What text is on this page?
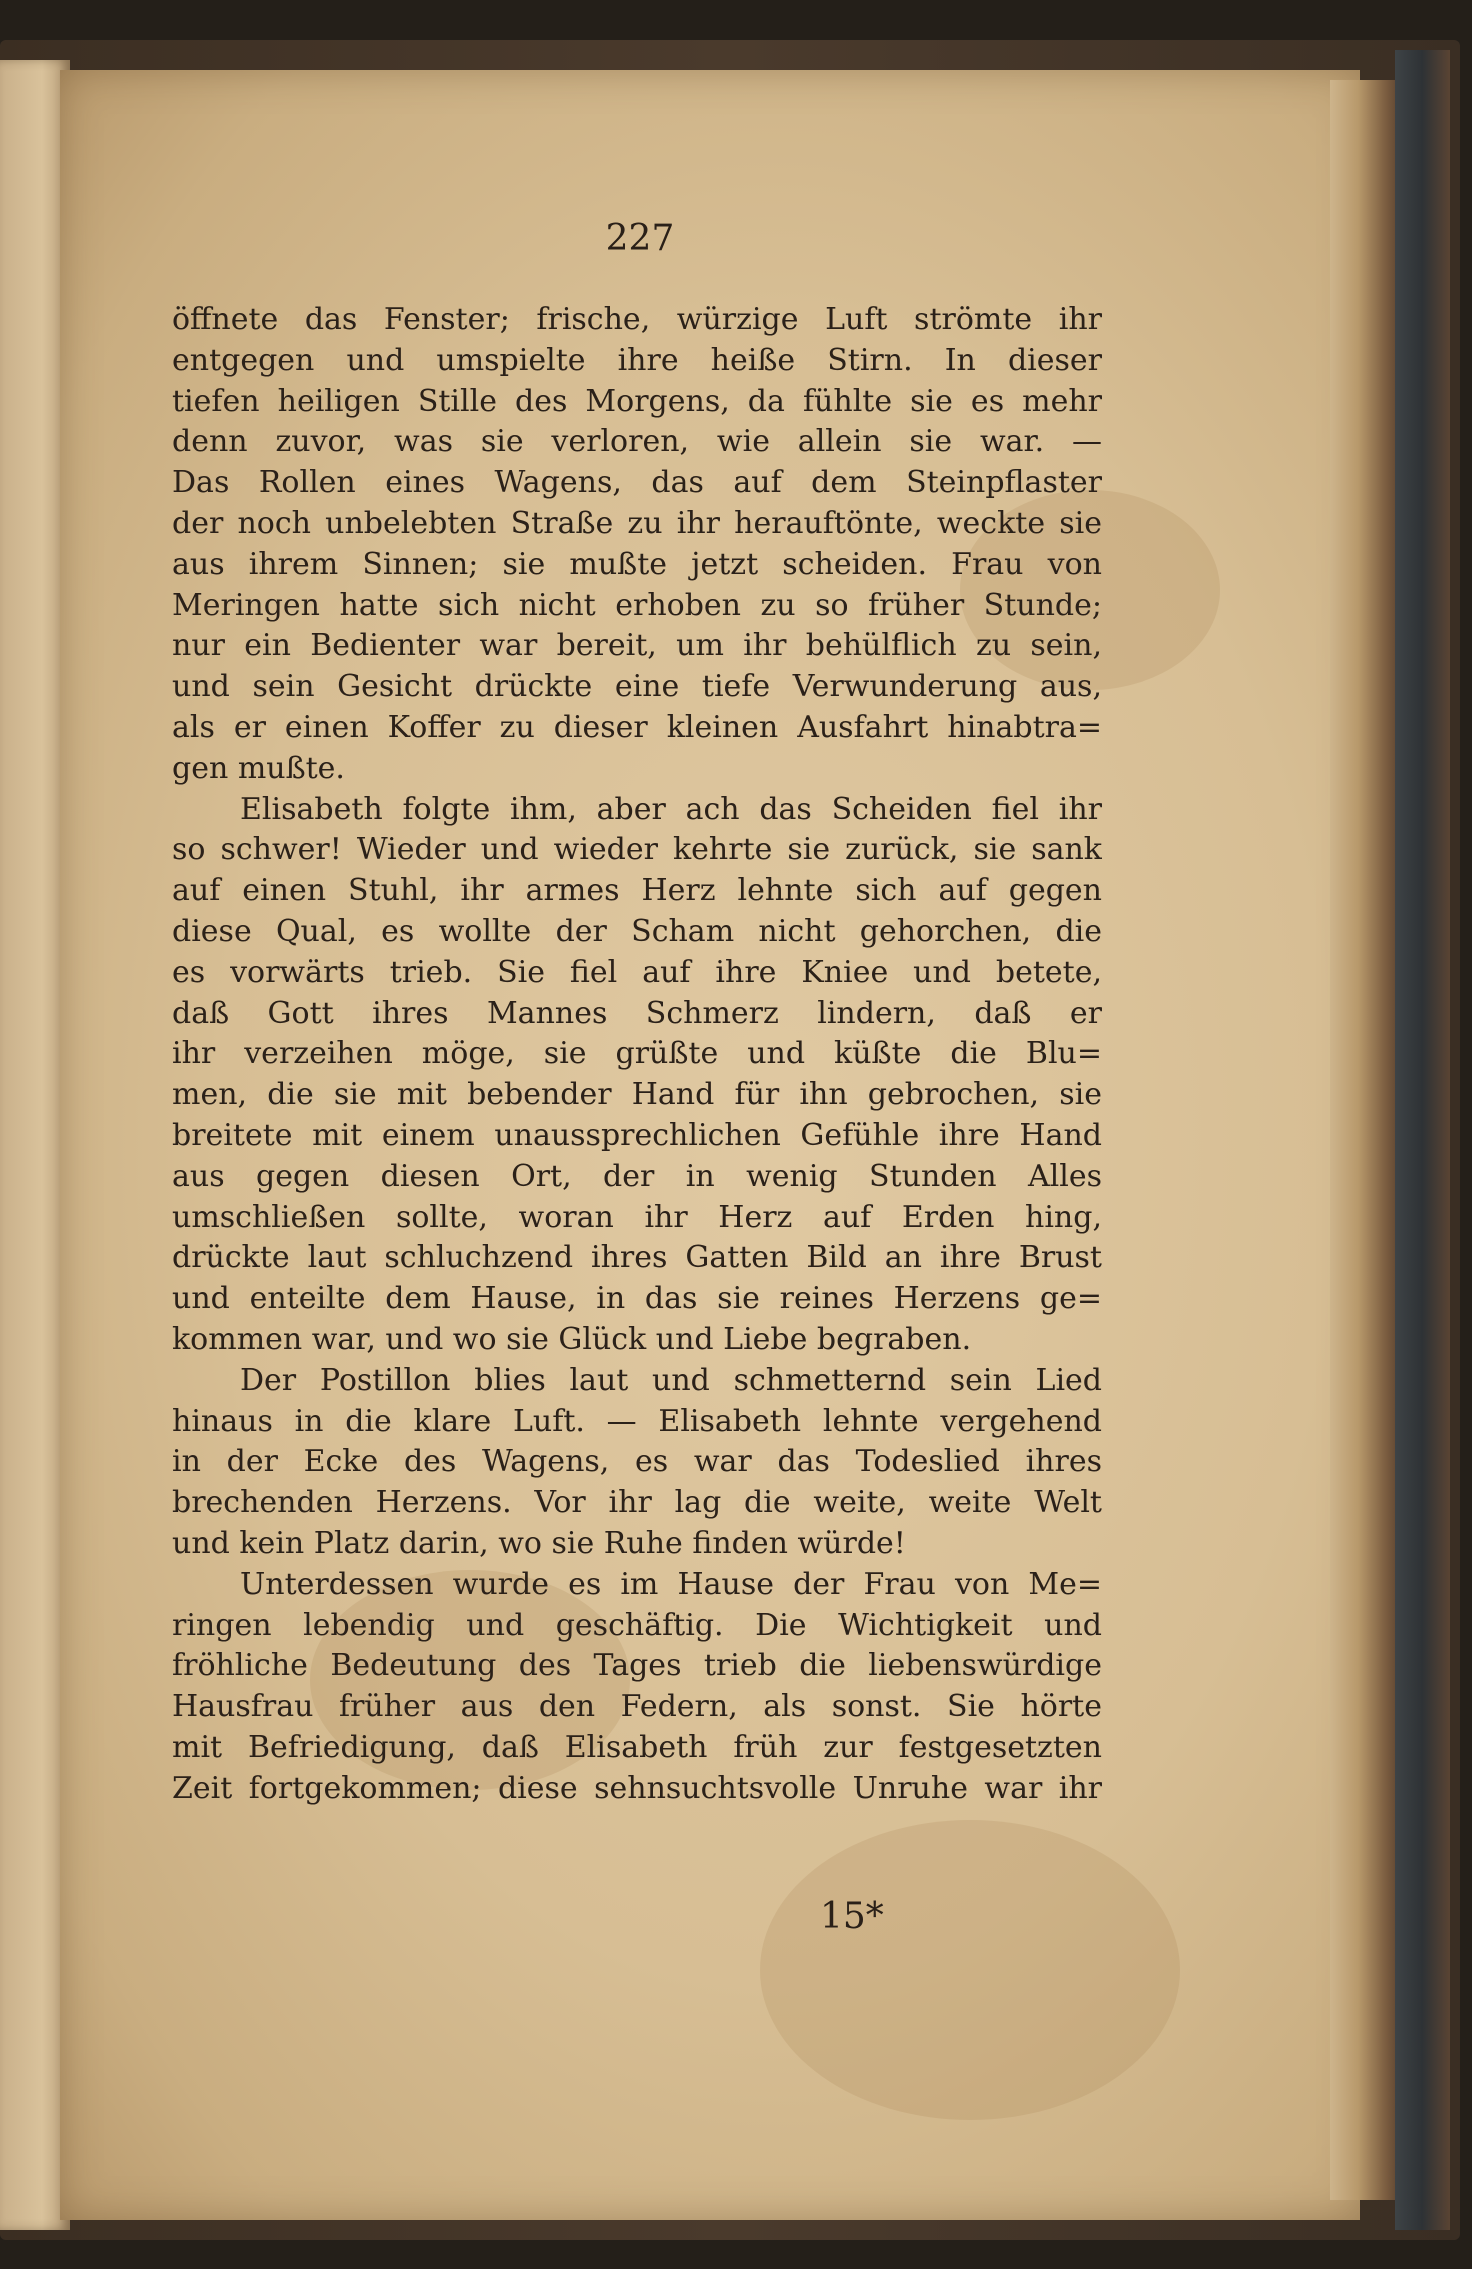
227
öffnete das Fenster; frische, würzige Luft strömte ihr
entgegen und umspielte ihre heiße Stirn. In dieser
tiefen heiligen Stille des Morgens, da fühlte sie es mehr
denn zuvor, was sie verloren, wie allein sie war. —
Das Rollen eines Wagens, das auf dem Steinpflaster
der noch unbelebten Straße zu ihr herauftönte, weckte sie
aus ihrem Sinnen; sie mußte jetzt scheiden. Frau von
Meringen hatte sich nicht erhoben zu so früher Stunde;
nur ein Bedienter war bereit, um ihr behülflich zu sein,
und sein Gesicht drückte eine tiefe Verwunderung aus,
als er einen Koffer zu dieser kleinen Ausfahrt hinabtra=
gen mußte.
Elisabeth folgte ihm, aber ach das Scheiden fiel ihr
so schwer! Wieder und wieder kehrte sie zurück, sie sank
auf einen Stuhl, ihr armes Herz lehnte sich auf gegen
diese Qual, es wollte der Scham nicht gehorchen, die
es vorwärts trieb. Sie fiel auf ihre Kniee und betete,
daß Gott ihres Mannes Schmerz lindern, daß er
ihr verzeihen möge, sie grüßte und küßte die Blu=
men, die sie mit bebender Hand für ihn gebrochen, sie
breitete mit einem unaussprechlichen Gefühle ihre Hand
aus gegen diesen Ort, der in wenig Stunden Alles
umschließen sollte, woran ihr Herz auf Erden hing,
drückte laut schluchzend ihres Gatten Bild an ihre Brust
und enteilte dem Hause, in das sie reines Herzens ge=
kommen war, und wo sie Glück und Liebe begraben.
Der Postillon blies laut und schmetternd sein Lied
hinaus in die klare Luft. — Elisabeth lehnte vergehend
in der Ecke des Wagens, es war das Todeslied ihres
brechenden Herzens. Vor ihr lag die weite, weite Welt
und kein Platz darin, wo sie Ruhe finden würde!
Unterdessen wurde es im Hause der Frau von Me=
ringen lebendig und geschäftig. Die Wichtigkeit und
fröhliche Bedeutung des Tages trieb die liebenswürdige
Hausfrau früher aus den Federn, als sonst. Sie hörte
mit Befriedigung, daß Elisabeth früh zur festgesetzten
Zeit fortgekommen; diese sehnsuchtsvolle Unruhe war ihr
15*
